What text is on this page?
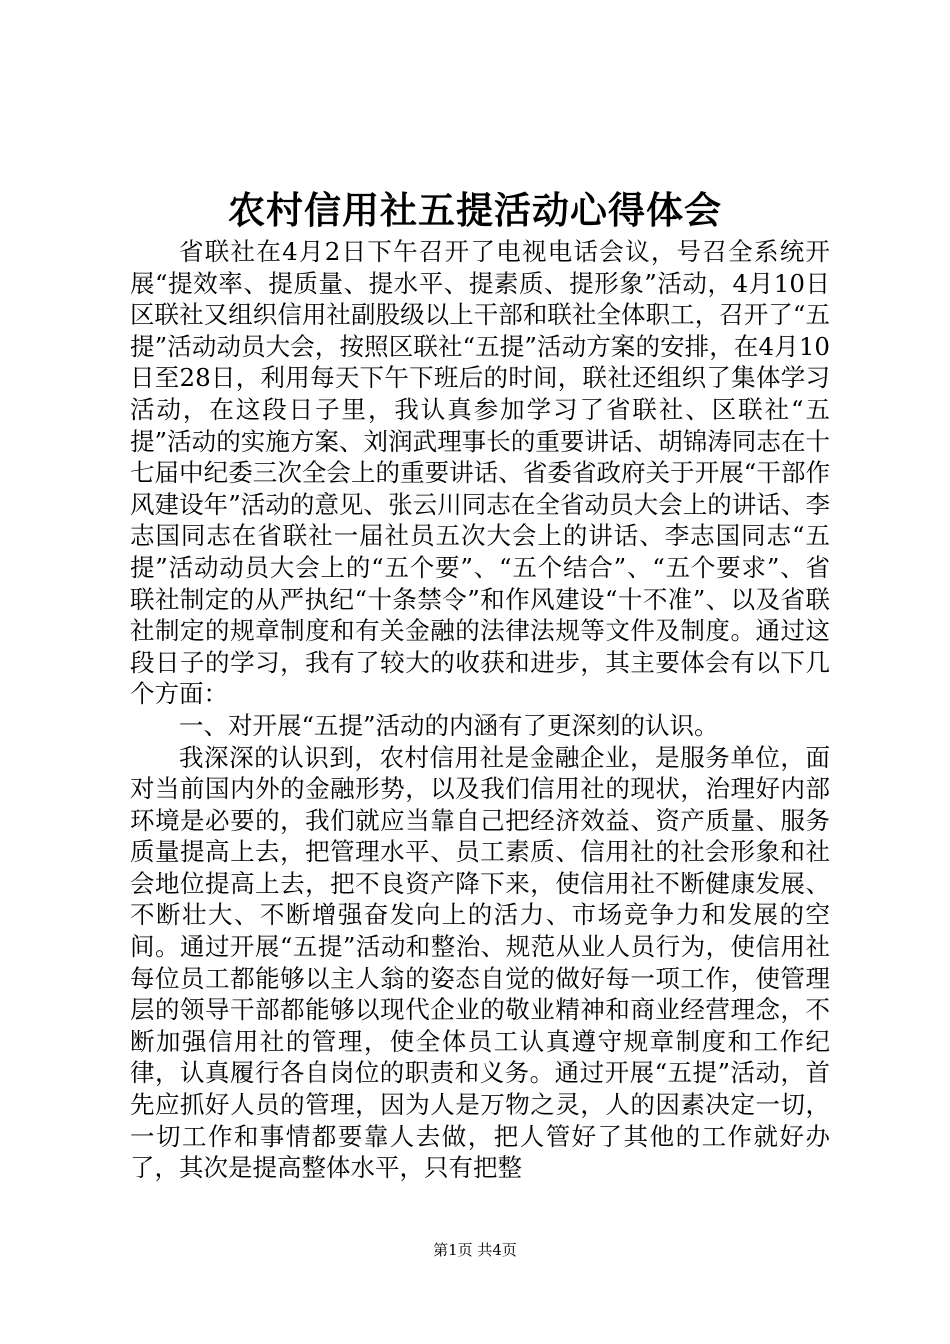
农村信用社五提活动心得体会

省联社在4月2日下午召开了电视电话会议，号召全系统开展“提效率、提质量、提水平、提素质、提形象”活动，4月10日区联社又组织信用社副股级以上干部和联社全体职工，召开了“五提”活动动员大会，按照区联社“五提”活动方案的安排，在4月10日至28日，利用每天下午下班后的时间，联社还组织了集体学习活动，在这段日子里，我认真参加学习了省联社、区联社“五提”活动的实施方案、刘润武理事长的重要讲话、胡锦涛同志在十七届中纪委三次全会上的重要讲话、省委省政府关于开展“干部作风建设年”活动的意见、张云川同志在全省动员大会上的讲话、李志国同志在省联社一届社员五次大会上的讲话、李志国同志“五提”活动动员大会上的“五个要”、“五个结合”、“五个要求”、省联社制定的从严执纪“十条禁令”和作风建设“十不准”、以及省联社制定的规章制度和有关金融的法律法规等文件及制度。通过这段日子的学习，我有了较大的收获和进步，其主要体会有以下几个方面：

一、对开展“五提”活动的内涵有了更深刻的认识。

我深深的认识到，农村信用社是金融企业，是服务单位，面对当前国内外的金融形势，以及我们信用社的现状，治理好内部环境是必要的，我们就应当靠自己把经济效益、资产质量、服务质量提高上去，把管理水平、员工素质、信用社的社会形象和社会地位提高上去，把不良资产降下来，使信用社不断健康发展、不断壮大、不断增强奋发向上的活力、市场竞争力和发展的空间。通过开展“五提”活动和整治、规范从业人员行为，使信用社每位员工都能够以主人翁的姿态自觉的做好每一项工作，使管理层的领导干部都能够以现代企业的敬业精神和商业经营理念，不断加强信用社的管理，使全体员工认真遵守规章制度和工作纪律，认真履行各自岗位的职责和义务。通过开展“五提”活动，首先应抓好人员的管理，因为人是万物之灵，人的因素决定一切，一切工作和事情都要靠人去做，把人管好了其他的工作就好办了，其次是提高整体水平，只有把整

第1页 共4页
